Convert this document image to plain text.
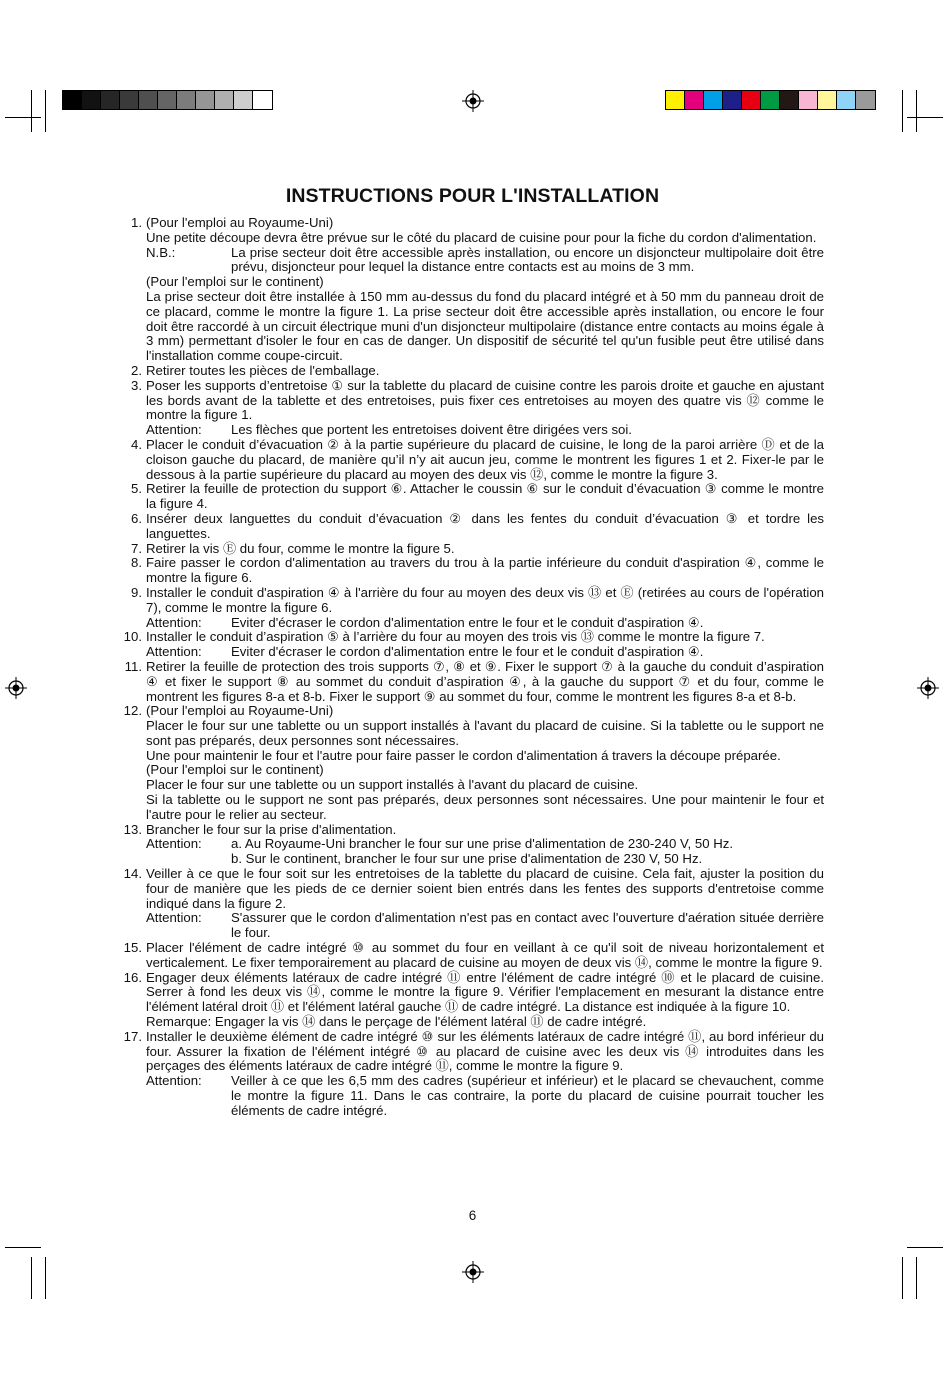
INSTRUCTIONS POUR L'INSTALLATION
1. (Pour l'emploi au Royaume-Uni)
Une petite découpe devra être prévue sur le côté du placard de cuisine pour pour la fiche du cordon d'alimentation.
N.B.:	La prise secteur doit être accessible après installation, ou encore un disjoncteur multipolaire doit être prévu, disjoncteur pour lequel la distance entre contacts est au moins de 3 mm.
(Pour l'emploi sur le continent)
La prise secteur doit être installée à 150 mm au-dessus du fond du placard intégré et à 50 mm du panneau droit de ce placard, comme le montre la figure 1. La prise secteur doit être accessible après installation, ou encore le four doit être raccordé à un circuit électrique muni d'un disjoncteur multipolaire (distance entre contacts au moins égale à 3 mm) permettant d'isoler le four en cas de danger. Un dispositif de sécurité tel qu'un fusible peut être utilisé dans l'installation comme coupe-circuit.
2. Retirer toutes les pièces de l'emballage.
3. Poser les supports d’entretoise ① sur la tablette du placard de cuisine contre les parois droite et gauche en ajustant les bords avant de la tablette et des entretoises, puis fixer ces entretoises au moyen des quatre vis ⑫ comme le montre la figure 1.
Attention: Les flèches que portent les entretoises doivent être dirigées vers soi.
4. Placer le conduit d’évacuation ② à la partie supérieure du placard de cuisine, le long de la paroi arrière Ⓓ et de la cloison gauche du placard, de manière qu’il n’y ait aucun jeu, comme le montrent les figures 1 et 2. Fixer-le par le dessous à la partie supérieure du placard au moyen des deux vis ⑫, comme le montre la figure 3.
5. Retirer la feuille de protection du support ⑥. Attacher le coussin ⑥ sur le conduit d’évacuation ③ comme le montre la figure 4.
6. Insérer deux languettes du conduit d’évacuation ② dans les fentes du conduit d’évacuation ③ et tordre les languettes.
7. Retirer la vis Ⓔ du four, comme le montre la figure 5.
8. Faire passer le cordon d'alimentation au travers du trou à la partie inférieure du conduit d'aspiration ④, comme le montre la figure 6.
9. Installer le conduit d'aspiration ④ à l'arrière du four au moyen des deux vis ⑬ et Ⓔ (retirées au cours de l'opération 7), comme le montre la figure 6.
Attention: Eviter d'écraser le cordon d'alimentation entre le four et le conduit d'aspiration ④.
10. Installer le conduit d’aspiration ⑤ à l’arrière du four au moyen des trois vis ⑬ comme le montre la figure 7.
Attention: Eviter d'écraser le cordon d'alimentation entre le four et le conduit d'aspiration ④.
11. Retirer la feuille de protection des trois supports ⑦, ⑧ et ⑨. Fixer le support ⑦ à la gauche du conduit d’aspiration ④ et fixer le support ⑧ au sommet du conduit d’aspiration ④, à la gauche du support ⑦ et du four, comme le montrent les figures 8-a et 8-b. Fixer le support ⑨ au sommet du four, comme le montrent les figures 8-a et 8-b.
12. (Pour l'emploi au Royaume-Uni)
Placer le four sur une tablette ou un support installés à l'avant du placard de cuisine. Si la tablette ou le support ne sont pas préparés, deux personnes sont nécessaires.
Une pour maintenir le four et l'autre pour faire passer le cordon d'alimentation á travers la découpe préparée.
(Pour l'emploi sur le continent)
Placer le four sur une tablette ou un support installés à l'avant du placard de cuisine.
Si la tablette ou le support ne sont pas préparés, deux personnes sont nécessaires. Une pour maintenir le four et l'autre pour le relier au secteur.
13. Brancher le four sur la prise d'alimentation.
Attention: a. Au Royaume-Uni brancher le four sur une prise d'alimentation de 230-240 V, 50 Hz.
b. Sur le continent, brancher le four sur une prise d'alimentation de 230 V, 50 Hz.
14. Veiller à ce que le four soit sur les entretoises de la tablette du placard de cuisine. Cela fait, ajuster la position du four de manière que les pieds de ce dernier soient bien entrés dans les fentes des supports d'entretoise comme indiqué dans la figure 2.
Attention: S'assurer que le cordon d'alimentation n'est pas en contact avec l'ouverture d'aération située derrière le four.
15. Placer l'élément de cadre intégré ⑩ au sommet du four en veillant à ce qu'il soit de niveau horizontalement et verticalement. Le fixer temporairement au placard de cuisine au moyen de deux vis ⑭, comme le montre la figure 9.
16. Engager deux éléments latéraux de cadre intégré ⑪ entre l'élément de cadre intégré ⑩ et le placard de cuisine. Serrer à fond les deux vis ⑭, comme le montre la figure 9. Vérifier l'emplacement en mesurant la distance entre l'élément latéral droit ⑪ et l'élément latéral gauche ⑪ de cadre intégré. La distance est indiquée à la figure 10.
Remarque: Engager la vis ⑭ dans le perçage de l'élément latéral ⑪ de cadre intégré.
17. Installer le deuxième élément de cadre intégré ⑩ sur les éléments latéraux de cadre intégré ⑪, au bord inférieur du four. Assurer la fixation de l'élément intégré ⑩ au placard de cuisine avec les deux vis ⑭ introduites dans les perçages des éléments latéraux de cadre intégré ⑪, comme le montre la figure 9.
Attention: Veiller à ce que les 6,5 mm des cadres (supérieur et inférieur) et le placard se chevauchent, comme le montre la figure 11. Dans le cas contraire, la porte du placard de cuisine pourrait toucher les éléments de cadre intégré.
6
